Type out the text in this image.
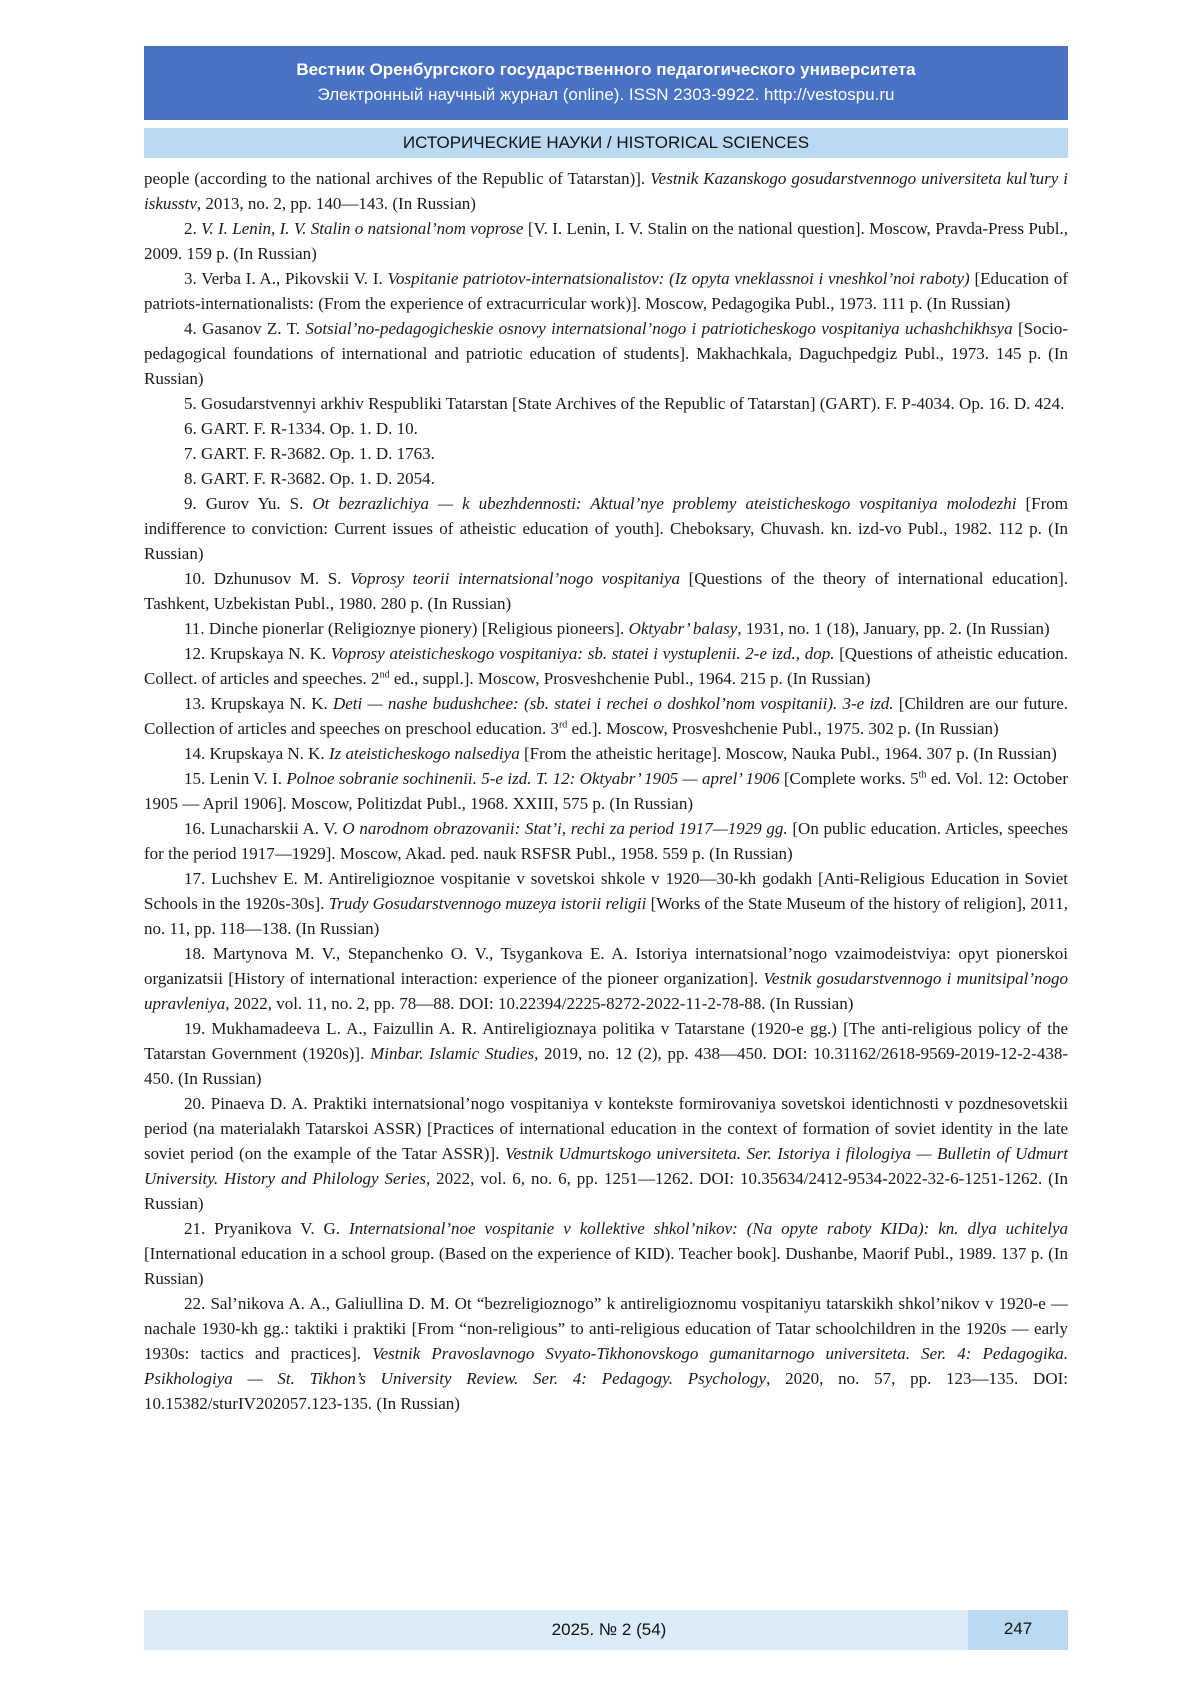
Вестник Оренбургского государственного педагогического университета
Электронный научный журнал (online). ISSN 2303-9922. http://vestospu.ru
ИСТОРИЧЕСКИЕ НАУКИ / HISTORICAL SCIENCES

people (according to the national archives of the Republic of Tatarstan)]. Vestnik Kazanskogo gosudarstvennogo universiteta kul’tury i iskusstv, 2013, no. 2, pp. 140—143. (In Russian)

2. V. I. Lenin, I. V. Stalin o natsional’nom voprose [V. I. Lenin, I. V. Stalin on the national question]. Moscow, Pravda-Press Publ., 2009. 159 p. (In Russian)

3. Verba I. A., Pikovskii V. I. Vospitanie patriotov-internatsionalistov: (Iz opyta vneklassnoi i vneshkol’noi raboty) [Education of patriots-internationalists: (From the experience of extracurricular work)]. Moscow, Pedagogika Publ., 1973. 111 p. (In Russian)

4. Gasanov Z. T. Sotsial’no-pedagogicheskie osnovy internatsional’nogo i patrioticheskogo vospitaniya uchashchikhsya [Socio-pedagogical foundations of international and patriotic education of students]. Makhachkala, Daguchpedgiz Publ., 1973. 145 p. (In Russian)

5. Gosudarstvennyi arkhiv Respubliki Tatarstan [State Archives of the Republic of Tatarstan] (GART). F. P-4034. Op. 16. D. 424.

6. GART. F. R-1334. Op. 1. D. 10.

7. GART. F. R-3682. Op. 1. D. 1763.

8. GART. F. R-3682. Op. 1. D. 2054.

9. Gurov Yu. S. Ot bezrazlichiya — k ubezhdennosti: Aktual’nye problemy ateisticheskogo vospitaniya molodezhi [From indifference to conviction: Current issues of atheistic education of youth]. Cheboksary, Chuvash. kn. izd-vo Publ., 1982. 112 p. (In Russian)

10. Dzhunusov M. S. Voprosy teorii internatsional’nogo vospitaniya [Questions of the theory of international education]. Tashkent, Uzbekistan Publ., 1980. 280 p. (In Russian)

11. Dinche pionerlar (Religioznye pionery) [Religious pioneers]. Oktyabr’ balasy, 1931, no. 1 (18), January, pp. 2. (In Russian)

12. Krupskaya N. K. Voprosy ateisticheskogo vospitaniya: sb. statei i vystuplenii. 2-e izd., dop. [Questions of atheistic education. Collect. of articles and speeches. 2nd ed., suppl.]. Moscow, Prosveshchenie Publ., 1964. 215 p. (In Russian)

13. Krupskaya N. K. Deti — nashe budushchee: (sb. statei i rechei o doshkol’nom vospitanii). 3-e izd. [Children are our future. Collection of articles and speeches on preschool education. 3rd ed.]. Moscow, Prosveshchenie Publ., 1975. 302 p. (In Russian)

14. Krupskaya N. K. Iz ateisticheskogo nalsediya [From the atheistic heritage]. Moscow, Nauka Publ., 1964. 307 p. (In Russian)

15. Lenin V. I. Polnoe sobranie sochinenii. 5-e izd. T. 12: Oktyabr’ 1905 — aprel’ 1906 [Complete works. 5th ed. Vol. 12: October 1905 — April 1906]. Moscow, Politizdat Publ., 1968. XXIII, 575 p. (In Russian)

16. Lunacharskii A. V. O narodnom obrazovanii: Stat’i, rechi za period 1917—1929 gg. [On public education. Articles, speeches for the period 1917—1929]. Moscow, Akad. ped. nauk RSFSR Publ., 1958. 559 p. (In Russian)

17. Luchshev E. M. Antireligioznoe vospitanie v sovetskoi shkole v 1920—30-kh godakh [Anti-Religious Education in Soviet Schools in the 1920s-30s]. Trudy Gosudarstvennogo muzeya istorii religii [Works of the State Museum of the history of religion], 2011, no. 11, pp. 118—138. (In Russian)

18. Martynova M. V., Stepanchenko O. V., Tsygankova E. A. Istoriya internatsional’nogo vzaimodeistviya: opyt pionerskoi organizatsii [History of international interaction: experience of the pioneer organization]. Vestnik gosudarstvennogo i munitsipal’nogo upravleniya, 2022, vol. 11, no. 2, pp. 78—88. DOI: 10.22394/2225-8272-2022-11-2-78-88. (In Russian)

19. Mukhamadeeva L. A., Faizullin A. R. Antireligioznaya politika v Tatarstane (1920-e gg.) [The anti-religious policy of the Tatarstan Government (1920s)]. Minbar. Islamic Studies, 2019, no. 12 (2), pp. 438—450. DOI: 10.31162/2618-9569-2019-12-2-438-450. (In Russian)

20. Pinaeva D. A. Praktiki internatsional’nogo vospitaniya v kontekste formirovaniya sovetskoi identichnosti v pozdnesovetskii period (na materialakh Tatarskoi ASSR) [Practices of international education in the context of formation of soviet identity in the late soviet period (on the example of the Tatar ASSR)]. Vestnik Udmurtskogo universiteta. Ser. Istoriya i filologiya — Bulletin of Udmurt University. History and Philology Series, 2022, vol. 6, no. 6, pp. 1251—1262. DOI: 10.35634/2412-9534-2022-32-6-1251-1262. (In Russian)

21. Pryanikova V. G. Internatsional’noe vospitanie v kollektive shkol’nikov: (Na opyte raboty KIDa): kn. dlya uchitelya [International education in a school group. (Based on the experience of KID). Teacher book]. Dushanbe, Maorif Publ., 1989. 137 p. (In Russian)

22. Sal’nikova A. A., Galiullina D. M. Ot “bezreligioznogo” k antireligioznomu vospitaniyu tatarskikh shkol’nikov v 1920-e — nachale 1930-kh gg.: taktiki i praktiki [From “non-religious” to anti-religious education of Tatar schoolchildren in the 1920s — early 1930s: tactics and practices]. Vestnik Pravoslavnogo Svyato-Tikhonovskogo gumanitarnogo universiteta. Ser. 4: Pedagogika. Psikhologiya — St. Tikhon’s University Review. Ser. 4: Pedagogy. Psychology, 2020, no. 57, pp. 123—135. DOI: 10.15382/sturIV202057.123-135. (In Russian)

2025. № 2 (54)	247
